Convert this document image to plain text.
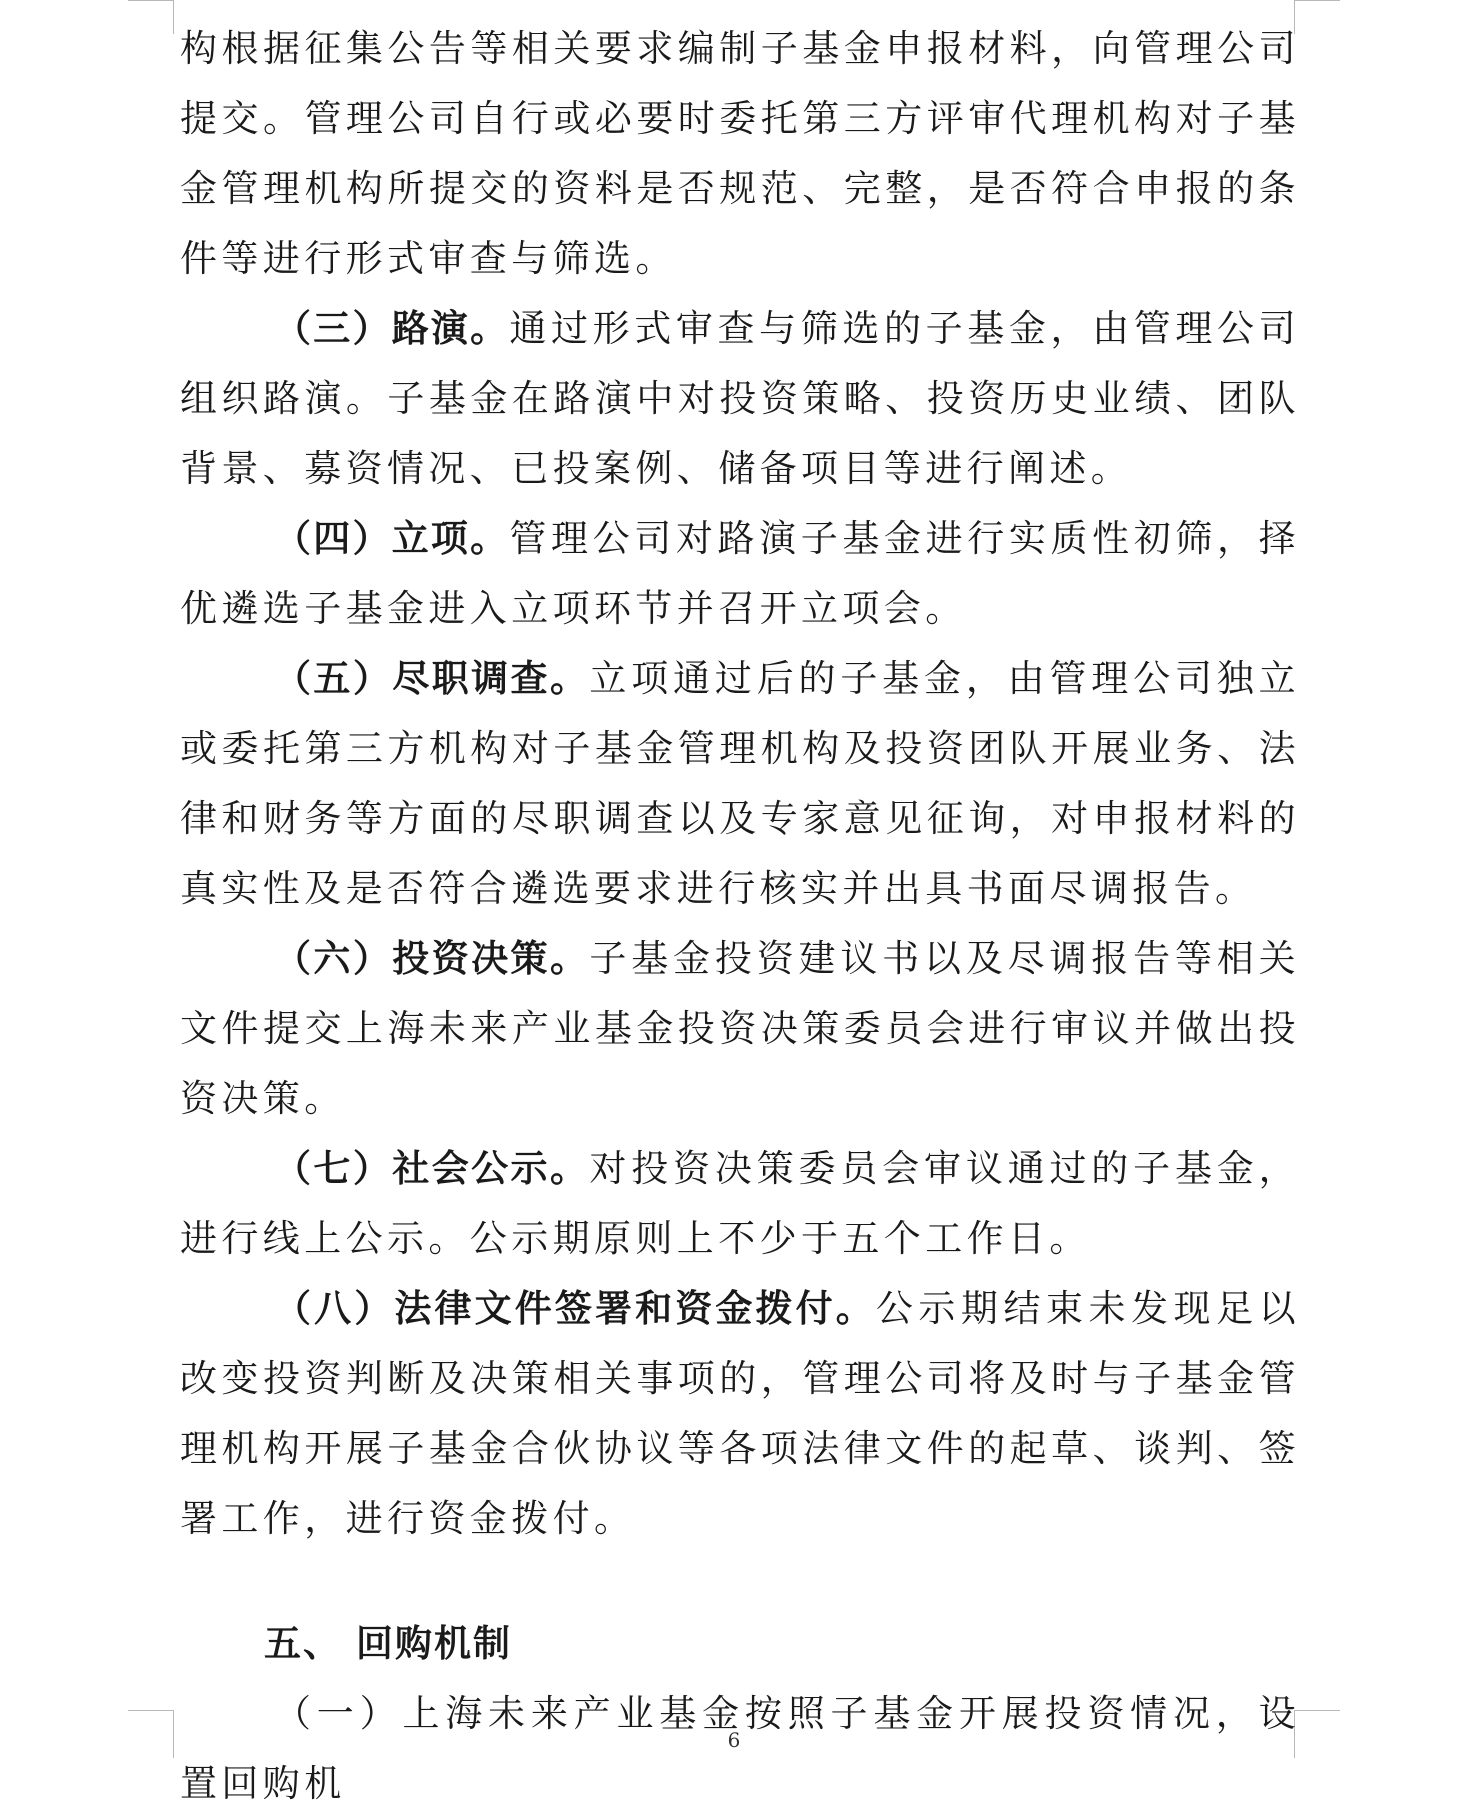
构根据征集公告等相关要求编制子基金申报材料，向管理公司提交。管理公司自行或必要时委托第三方评审代理机构对子基金管理机构所提交的资料是否规范、完整，是否符合申报的条件等进行形式审查与筛选。

（三）路演。通过形式审查与筛选的子基金，由管理公司组织路演。子基金在路演中对投资策略、投资历史业绩、团队背景、募资情况、已投案例、储备项目等进行阐述。

（四）立项。管理公司对路演子基金进行实质性初筛，择优遴选子基金进入立项环节并召开立项会。

（五）尽职调查。立项通过后的子基金，由管理公司独立或委托第三方机构对子基金管理机构及投资团队开展业务、法律和财务等方面的尽职调查以及专家意见征询，对申报材料的真实性及是否符合遴选要求进行核实并出具书面尽调报告。

（六）投资决策。子基金投资建议书以及尽调报告等相关文件提交上海未来产业基金投资决策委员会进行审议并做出投资决策。

（七）社会公示。对投资决策委员会审议通过的子基金，进行线上公示。公示期原则上不少于五个工作日。

（八）法律文件签署和资金拨付。公示期结束未发现足以改变投资判断及决策相关事项的，管理公司将及时与子基金管理机构开展子基金合伙协议等各项法律文件的起草、谈判、签署工作，进行资金拨付。

五、 回购机制

（一）上海未来产业基金按照子基金开展投资情况，设置回购机

6
